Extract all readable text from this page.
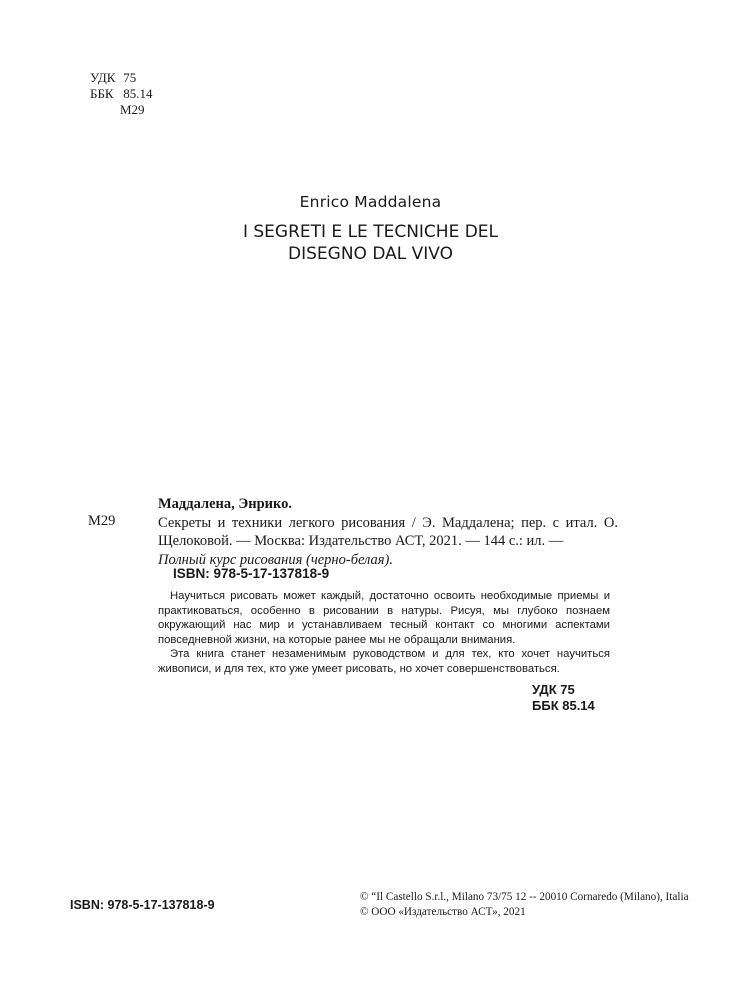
УДК 75
ББК 85.14
М29
Enrico Maddalena
I SEGRETI E LE TECNICHE DEL
DISEGNO DAL VIVO
М29

Маддалена, Энрико.

Секреты и техники легкого рисования / Э. Маддалена; пер. с итал. О. Щелоковой. — Москва: Издательство АСТ, 2021. — 144 с.: ил. —
Полный курс рисования (черно-белая).

ISBN: 978-5-17-137818-9

Научиться рисовать может каждый, достаточно освоить необходимые приемы и практиковаться, особенно в рисовании в натуры. Рисуя, мы глубоко познаем окружающий нас мир и устанавливаем тесный контакт со многими аспектами повседневной жизни, на которые ранее мы не обращали внимания.

Эта книга станет незаменимым руководством и для тех, кто хочет научиться живописи, и для тех, кто уже умеет рисовать, но хочет совершенствоваться.

УДК 75
ББК 85.14
ISBN: 978-5-17-137818-9
© “Il Castello S.r.l., Milano 73/75 12 -- 20010 Cornaredo (Milano), Italia
© ООО «Издательство АСТ», 2021
